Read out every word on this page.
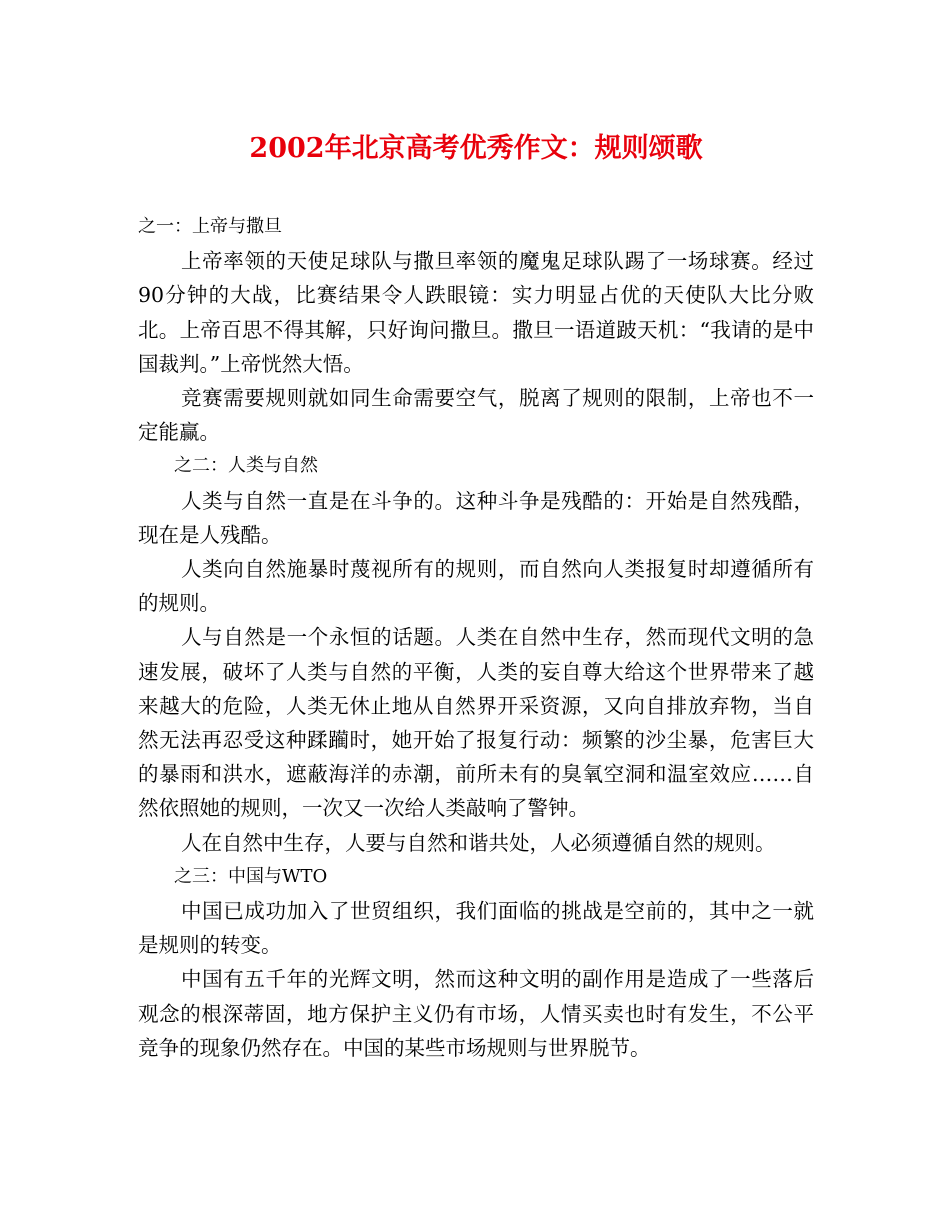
2002年北京高考优秀作文：规则颂歌

之一：上帝与撒旦

上帝率领的天使足球队与撒旦率领的魔鬼足球队踢了一场球赛。经过90分钟的大战，比赛结果令人跌眼镜：实力明显占优的天使队大比分败北。上帝百思不得其解，只好询问撒旦。撒旦一语道跛天机：“我请的是中国裁判。”上帝恍然大悟。

竞赛需要规则就如同生命需要空气，脱离了规则的限制，上帝也不一定能赢。

之二：人类与自然

人类与自然一直是在斗争的。这种斗争是残酷的：开始是自然残酷，现在是人残酷。

人类向自然施暴时蔑视所有的规则，而自然向人类报复时却遵循所有的规则。

人与自然是一个永恒的话题。人类在自然中生存，然而现代文明的急速发展，破坏了人类与自然的平衡，人类的妄自尊大给这个世界带来了越来越大的危险，人类无休止地从自然界开采资源，又向自排放弃物，当自然无法再忍受这种蹂躏时，她开始了报复行动：频繁的沙尘暴，危害巨大的暴雨和洪水，遮蔽海洋的赤潮，前所未有的臭氧空洞和温室效应……自然依照她的规则，一次又一次给人类敲响了警钟。

人在自然中生存，人要与自然和谐共处，人必须遵循自然的规则。

之三：中国与WTO

中国已成功加入了世贸组织，我们面临的挑战是空前的，其中之一就是规则的转变。

中国有五千年的光辉文明，然而这种文明的副作用是造成了一些落后观念的根深蒂固，地方保护主义仍有市场，人情买卖也时有发生，不公平竞争的现象仍然存在。中国的某些市场规则与世界脱节。
